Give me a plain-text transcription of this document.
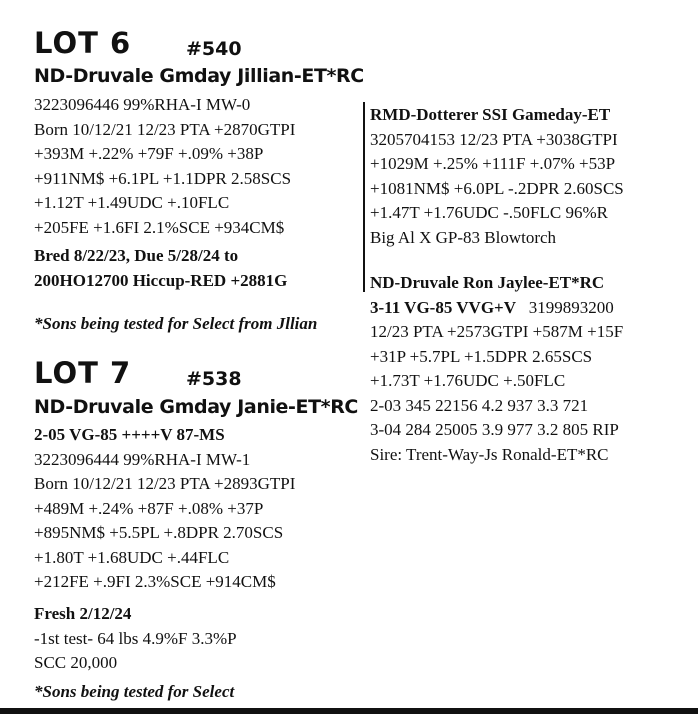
LOT 6	#540
ND-Druvale Gmday Jillian-ET*RC
3223096446 99%RHA-I MW-0
Born 10/12/21 12/23 PTA +2870GTPI
+393M +.22% +79F +.09% +38P
+911NM$ +6.1PL +1.1DPR 2.58SCS
+1.12T +1.49UDC +.10FLC
+205FE +1.6FI 2.1%SCE +934CM$
Bred 8/22/23, Due 5/28/24 to
200HO12700 Hiccup-RED +2881G
*Sons being tested for Select from Jllian
RMD-Dotterer SSI Gameday-ET
3205704153 12/23 PTA +3038GTPI
+1029M +.25% +111F +.07% +53P
+1081NM$ +6.0PL -.2DPR 2.60SCS
+1.47T +1.76UDC -.50FLC 96%R
Big Al X GP-83 Blowtorch
ND-Druvale Ron Jaylee-ET*RC
3-11 VG-85 VVG+V 3199893200
12/23 PTA +2573GTPI +587M +15F
+31P +5.7PL +1.5DPR 2.65SCS
+1.73T +1.76UDC +.50FLC
2-03 345 22156 4.2 937 3.3 721
3-04 284 25005 3.9 977 3.2 805 RIP
Sire: Trent-Way-Js Ronald-ET*RC
LOT 7	#538
ND-Druvale Gmday Janie-ET*RC
2-05 VG-85 ++++V 87-MS
3223096444 99%RHA-I MW-1
Born 10/12/21 12/23 PTA +2893GTPI
+489M +.24% +87F +.08% +37P
+895NM$ +5.5PL +.8DPR 2.70SCS
+1.80T +1.68UDC +.44FLC
+212FE +.9FI 2.3%SCE +914CM$
Fresh 2/12/24
-1st test- 64 lbs 4.9%F 3.3%P
SCC 20,000
*Sons being tested for Select
